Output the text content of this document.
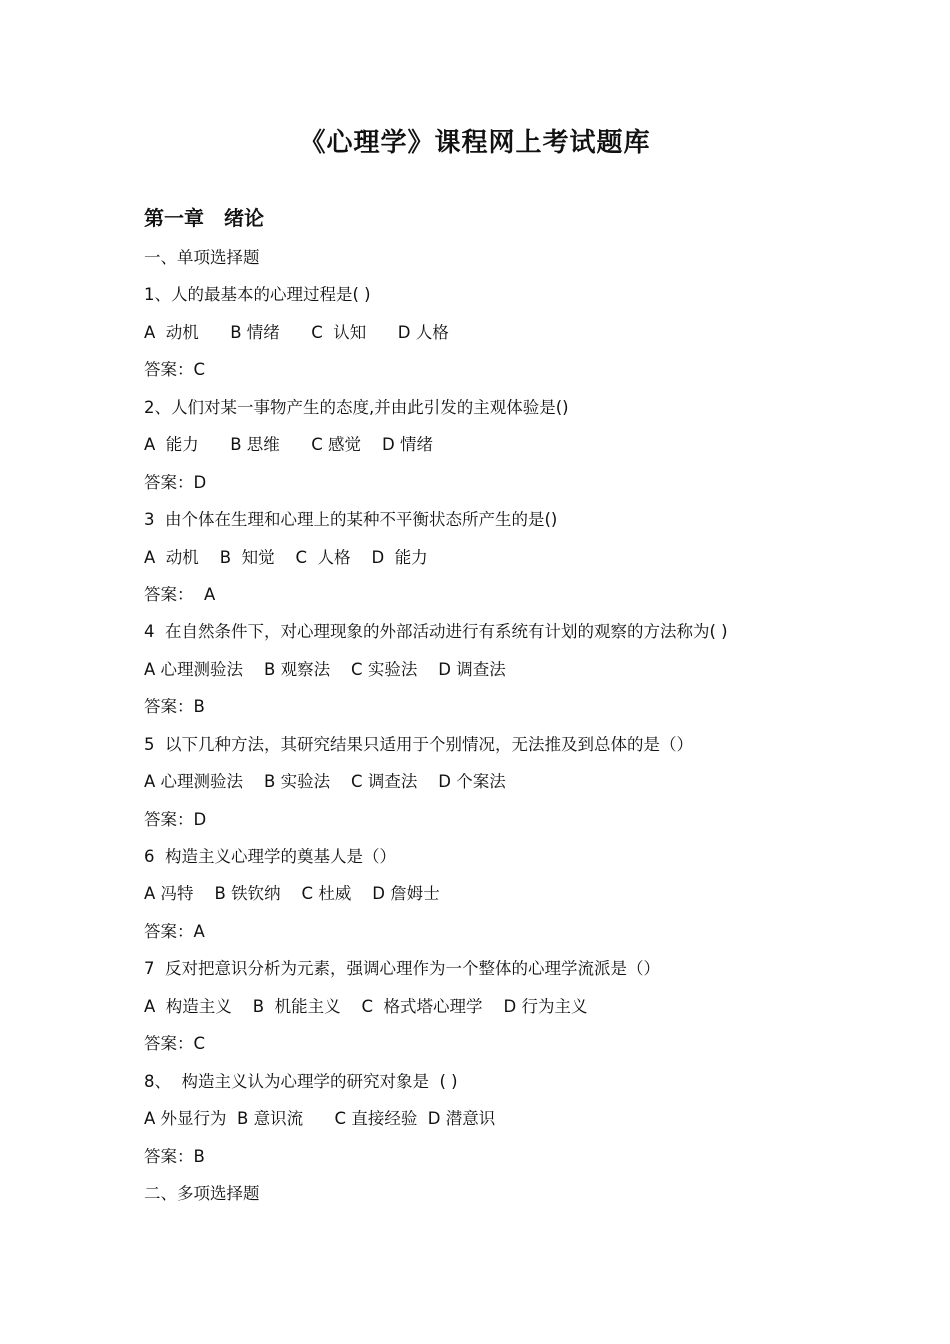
《心理学》课程网上考试题库
第一章　绪论
一、单项选择题
1、人的最基本的心理过程是( )
A  动机      B 情绪      C  认知      D 人格
答案：C
2、人们对某一事物产生的态度,并由此引发的主观体验是()
A  能力      B 思维      C 感觉    D 情绪
答案：D
3  由个体在生理和心理上的某种不平衡状态所产生的是()
A  动机    B  知觉    C  人格    D  能力
答案：  A
4  在自然条件下，对心理现象的外部活动进行有系统有计划的观察的方法称为( )
A 心理测验法    B 观察法    C 实验法    D 调查法
答案：B
5  以下几种方法，其研究结果只适用于个别情况，无法推及到总体的是（）
A 心理测验法    B 实验法    C 调查法    D 个案法
答案：D
6  构造主义心理学的奠基人是（）
A 冯特    B 铁钦纳    C 杜威    D 詹姆士
答案：A
7  反对把意识分析为元素，强调心理作为一个整体的心理学流派是（）
A  构造主义    B  机能主义    C  格式塔心理学    D 行为主义
答案：C
8、  构造主义认为心理学的研究对象是  ( )
A 外显行为  B 意识流      C 直接经验  D 潜意识
答案：B
二、多项选择题
